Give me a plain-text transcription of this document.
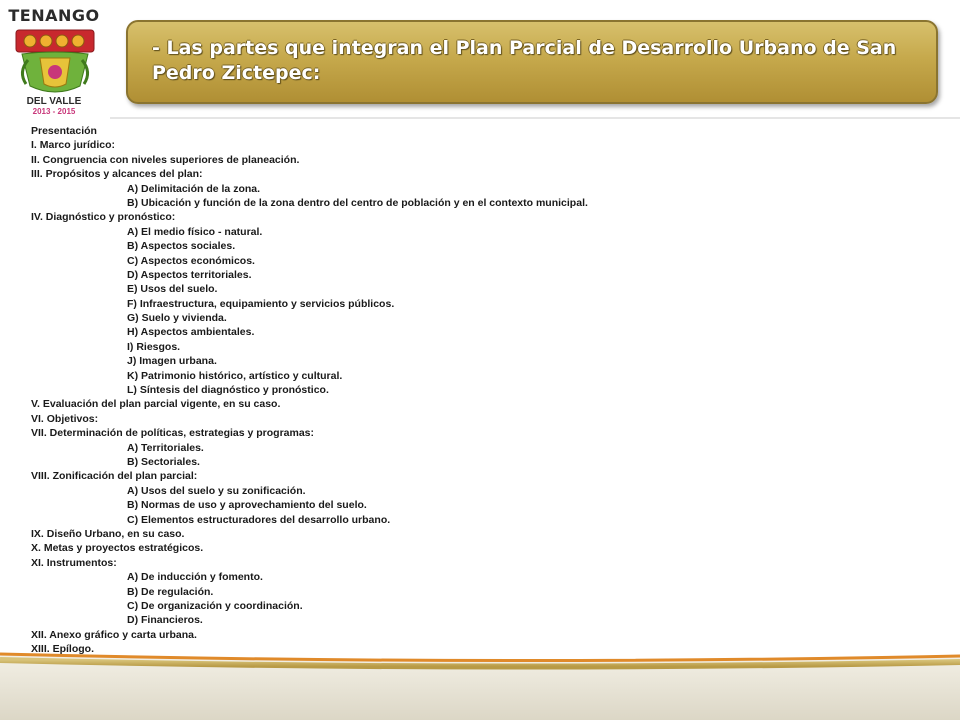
TENANGO
DEL VALLE
2013 - 2015
- Las partes que integran el Plan Parcial de Desarrollo Urbano de San Pedro Zictepec:
Presentación
I. Marco jurídico:
II. Congruencia con niveles superiores de planeación.
III. Propósitos y alcances del plan:
A) Delimitación de la zona.
B) Ubicación y función de la zona dentro del centro de población y en el contexto municipal.
IV. Diagnóstico y pronóstico:
A) El medio físico - natural.
B) Aspectos sociales.
C) Aspectos económicos.
D) Aspectos territoriales.
E) Usos del suelo.
F) Infraestructura, equipamiento y servicios públicos.
G) Suelo y vivienda.
H) Aspectos ambientales.
I) Riesgos.
J) Imagen urbana.
K) Patrimonio histórico, artístico y cultural.
L) Síntesis del diagnóstico y pronóstico.
V. Evaluación del plan parcial vigente, en su caso.
VI. Objetivos:
VII. Determinación de políticas, estrategias y programas:
A) Territoriales.
B) Sectoriales.
VIII. Zonificación del plan parcial:
A) Usos del suelo y su zonificación.
B) Normas de uso y aprovechamiento del suelo.
C) Elementos estructuradores del desarrollo urbano.
IX. Diseño Urbano, en su caso.
X. Metas y proyectos estratégicos.
XI. Instrumentos:
A) De inducción y fomento.
B) De regulación.
C) De organización y coordinación.
D) Financieros.
XII. Anexo gráfico y carta urbana.
XIII. Epílogo.
